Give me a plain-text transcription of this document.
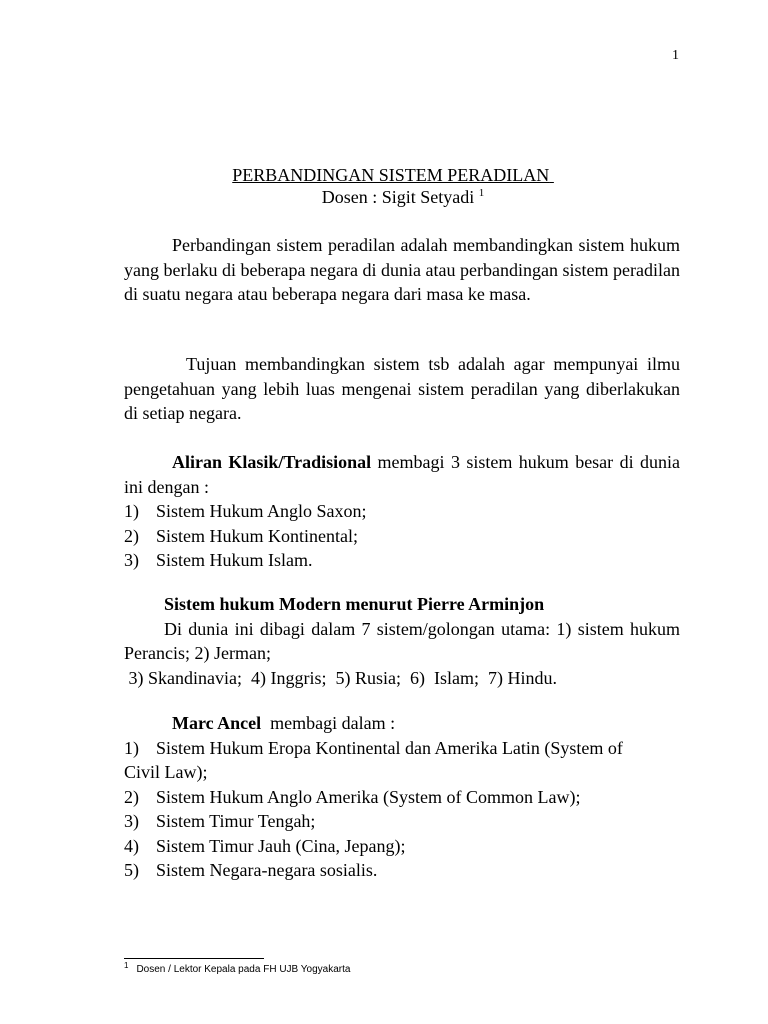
1
PERBANDINGAN SISTEM PERADILAN
Dosen : Sigit Setyadi $^1$

Perbandingan sistem peradilan adalah membandingkan sistem hukum yang berlaku di beberapa negara di dunia atau perbandingan sistem peradilan di suatu negara atau beberapa negara dari masa ke masa.

Tujuan membandingkan sistem tsb adalah agar mempunyai ilmu pengetahuan yang lebih luas mengenai sistem peradilan yang diberlakukan di setiap negara.

Aliran Klasik/Tradisional membagi 3 sistem hukum besar di dunia ini dengan :

1) Sistem Hukum Anglo Saxon;
2) Sistem Hukum Kontinental;
3) Sistem Hukum Islam.

Sistem hukum Modern menurut Pierre Arminjon

Di dunia ini dibagi dalam 7 sistem/golongan utama: 1) sistem hukum Perancis; 2) Jerman;

3) Skandinavia;  4) Inggris;  5) Rusia;  6)  Islam;  7) Hindu.

Marc Ancel  membagi dalam :

1) Sistem Hukum Eropa Kontinental dan Amerika Latin (System of
Civil Law);
2) Sistem Hukum Anglo Amerika (System of Common Law);
3) Sistem Timur Tengah;
4) Sistem Timur Jauh (Cina, Jepang);
5) Sistem Negara-negara sosialis.
$^1$ Dosen / Lektor Kepala pada FH UJB Yogyakarta
